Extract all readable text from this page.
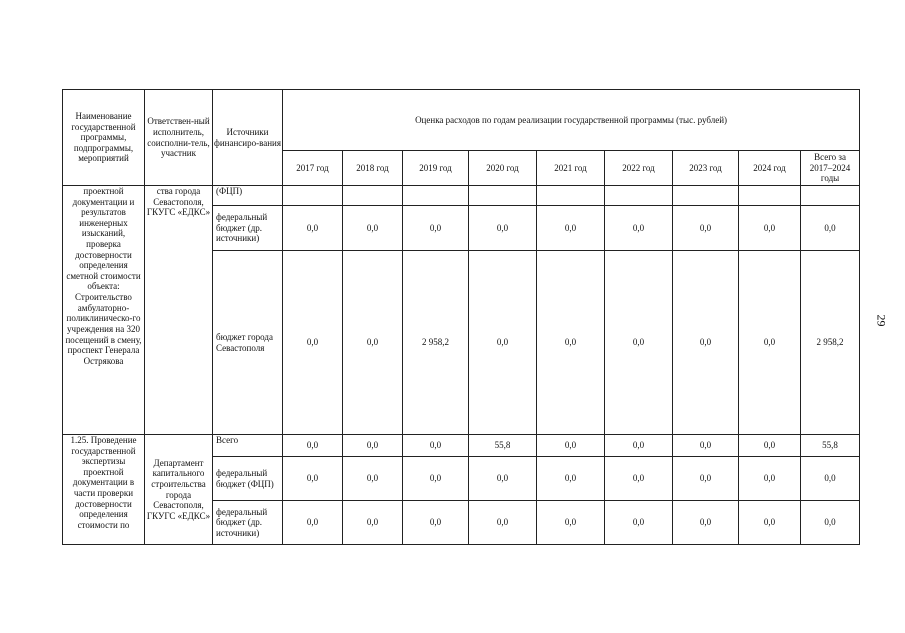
Наименование государственной программы, подпрограммы, мероприятий	Ответствен-ный исполнитель, соисполни-тель, участник	Источники финансиро-вания	Оценка расходов по годам реализации государственной программы (тыс. рублей)								
			2017 год	2018 год	2019 год	2020 год	2021 год	2022 год	2023 год	2024 год	Всего за 2017–2024 годы
проектной документации и результатов инженерных изысканий, проверка достоверности определения сметной стоимости объекта: Строительство амбулаторно-поликлиническо-го учреждения на 320 посещений в смену, проспект Генерала Острякова	ства города Севастополя, ГКУГС «ЕДКС»	(ФЦП)									
		федеральный бюджет (др. источники)	0,0	0,0	0,0	0,0	0,0	0,0	0,0	0,0	0,0
		бюджет города Севастополя	0,0	0,0	2 958,2	0,0	0,0	0,0	0,0	0,0	2 958,2
1.25. Проведение государственной экспертизы проектной документации в части проверки достоверности определения стоимости по	Департамент капитального строительства города Севастополя, ГКУГС «ЕДКС»	Всего	0,0	0,0	0,0	55,8	0,0	0,0	0,0	0,0	55,8
		федеральный бюджет (ФЦП)	0,0	0,0	0,0	0,0	0,0	0,0	0,0	0,0	0,0
		федеральный бюджет (др. источники)	0,0	0,0	0,0	0,0	0,0	0,0	0,0	0,0	0,0
29
